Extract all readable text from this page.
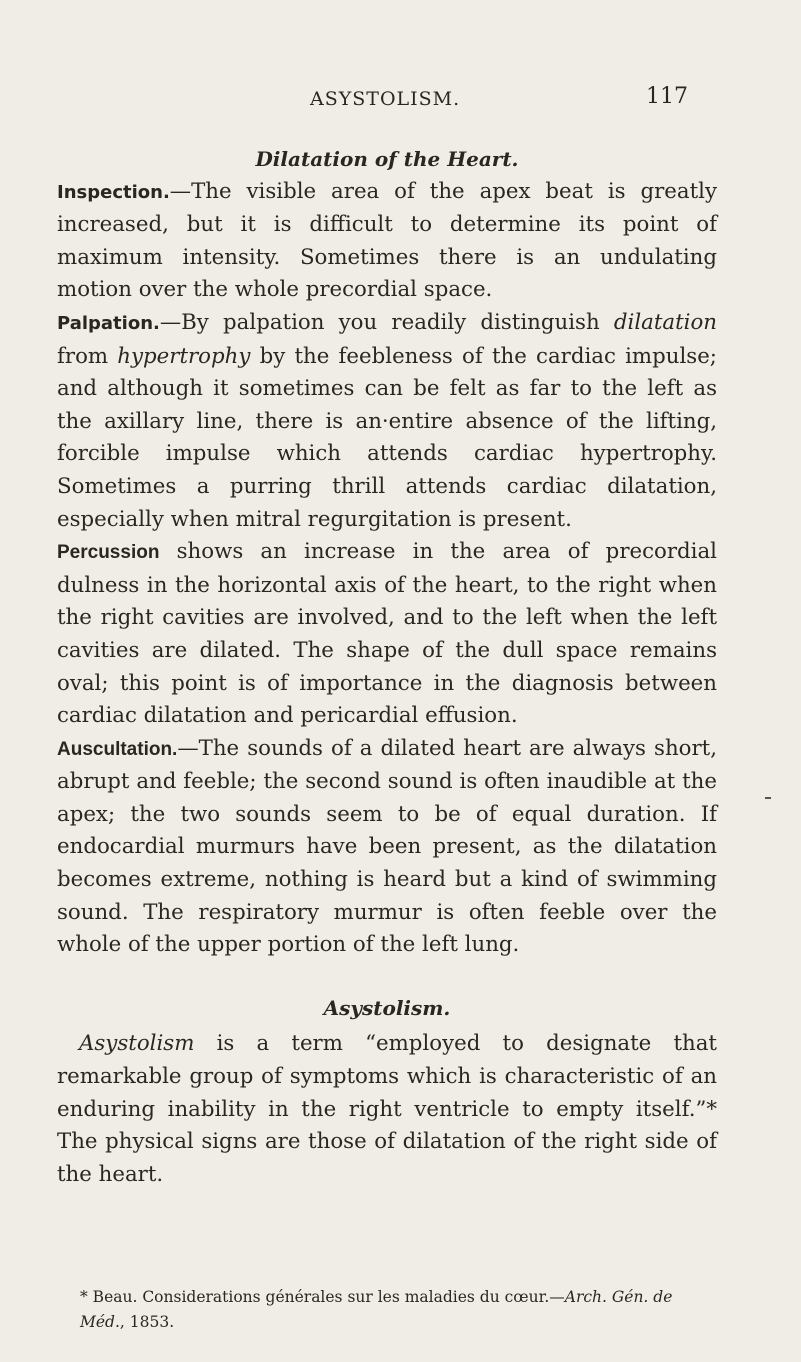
ASYSTOLISM.	117

Dilatation of the Heart.

Inspection.—The visible area of the apex beat is greatly increased, but it is difficult to determine its point of maximum intensity. Sometimes there is an undulating motion over the whole precordial space.

Palpation.—By palpation you readily distinguish dilatation from hypertrophy by the feebleness of the cardiac impulse; and although it sometimes can be felt as far to the left as the axillary line, there is an·entire absence of the lifting, forcible impulse which attends cardiac hypertrophy. Sometimes a purring thrill attends cardiac dilatation, especially when mitral regurgitation is present.

Percussion shows an increase in the area of precordial dulness in the horizontal axis of the heart, to the right when the right cavities are involved, and to the left when the left cavities are dilated. The shape of the dull space remains oval; this point is of importance in the diagnosis between cardiac dilatation and pericardial effusion.

Auscultation.—The sounds of a dilated heart are always short, abrupt and feeble; the second sound is often inaudible at the apex; the two sounds seem to be of equal duration. If endocardial murmurs have been present, as the dilatation becomes extreme, nothing is heard but a kind of swimming sound. The respiratory murmur is often feeble over the whole of the upper portion of the left lung.

Asystolism.

Asystolism is a term “employed to designate that remarkable group of symptoms which is characteristic of an enduring inability in the right ventricle to empty itself.”* The physical signs are those of dilatation of the right side of the heart.

* Beau. Considerations générales sur les maladies du cœur.—Arch. Gén. de Méd., 1853.
